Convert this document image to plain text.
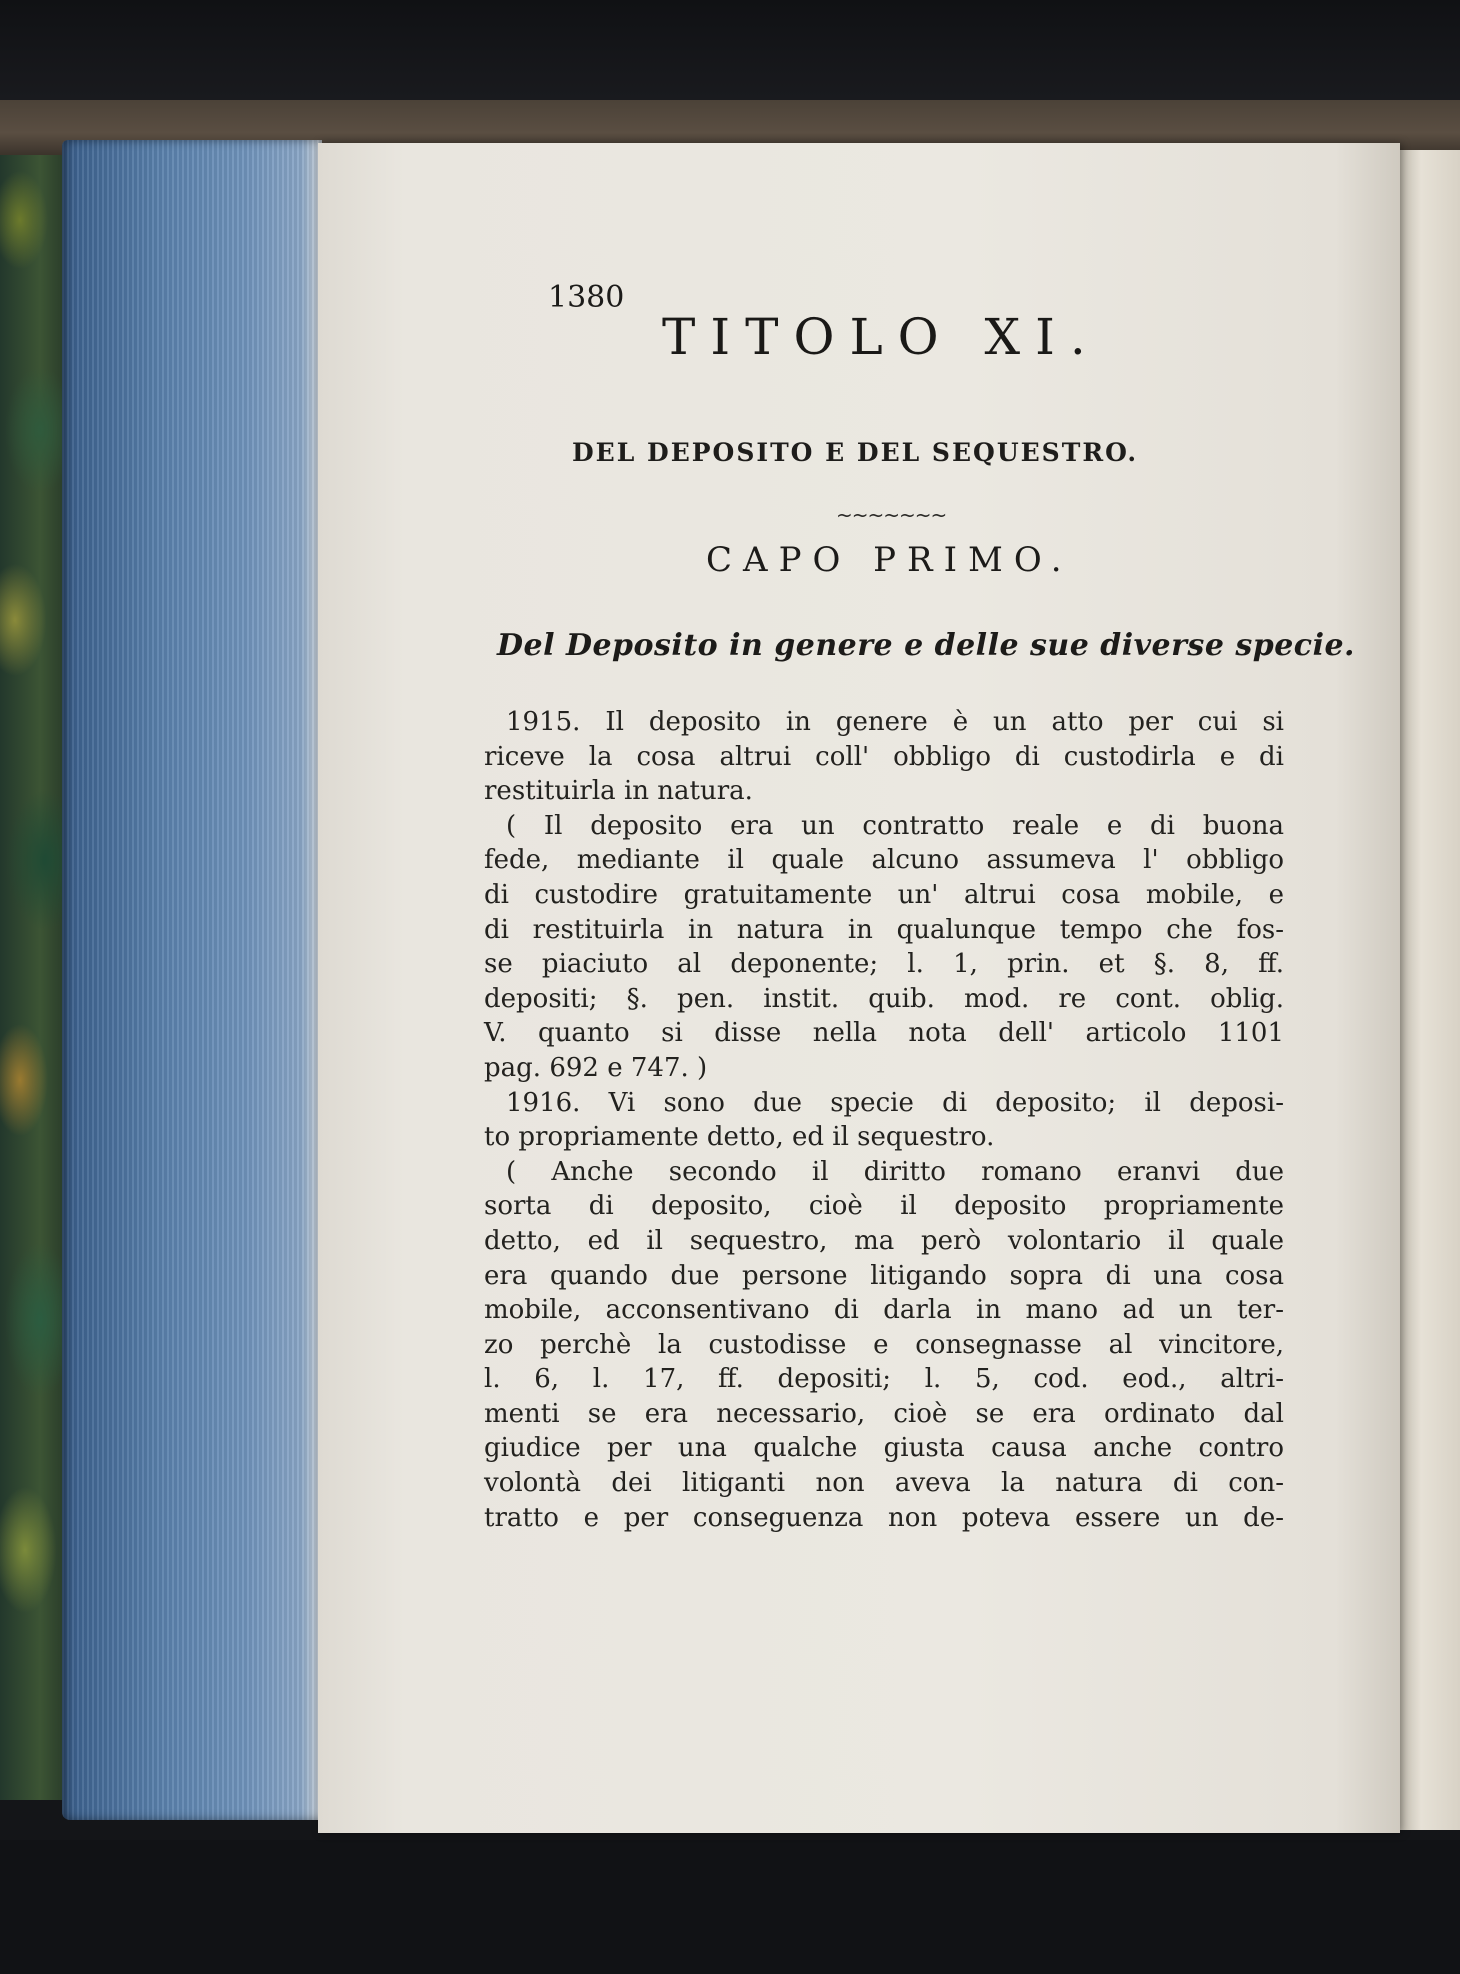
1380
TITOLO XI.
DEL DEPOSITO E DEL SEQUESTRO.
~~~~~~~
CAPO PRIMO.
Del Deposito in genere e delle sue diverse specie.
1915. Il deposito in genere è un atto per cui si
riceve la cosa altrui coll' obbligo di custodirla e di
restituirla in natura.
( Il deposito era un contratto reale e di buona
fede, mediante il quale alcuno assumeva l' obbligo
di custodire gratuitamente un' altrui cosa mobile, e
di restituirla in natura in qualunque tempo che fos-
se piaciuto al deponente; l. 1, prin. et §. 8, ff.
depositi; §. pen. instit. quib. mod. re cont. oblig.
V. quanto si disse nella nota dell' articolo 1101
pag. 692 e 747. )
1916. Vi sono due specie di deposito; il deposi-
to propriamente detto, ed il sequestro.
( Anche secondo il diritto romano eranvi due
sorta di deposito, cioè il deposito propriamente
detto, ed il sequestro, ma però volontario il quale
era quando due persone litigando sopra di una cosa
mobile, acconsentivano di darla in mano ad un ter-
zo perchè la custodisse e consegnasse al vincitore,
l. 6, l. 17, ff. depositi; l. 5, cod. eod., altri-
menti se era necessario, cioè se era ordinato dal
giudice per una qualche giusta causa anche contro
volontà dei litiganti non aveva la natura di con-
tratto e per conseguenza non poteva essere un de-
